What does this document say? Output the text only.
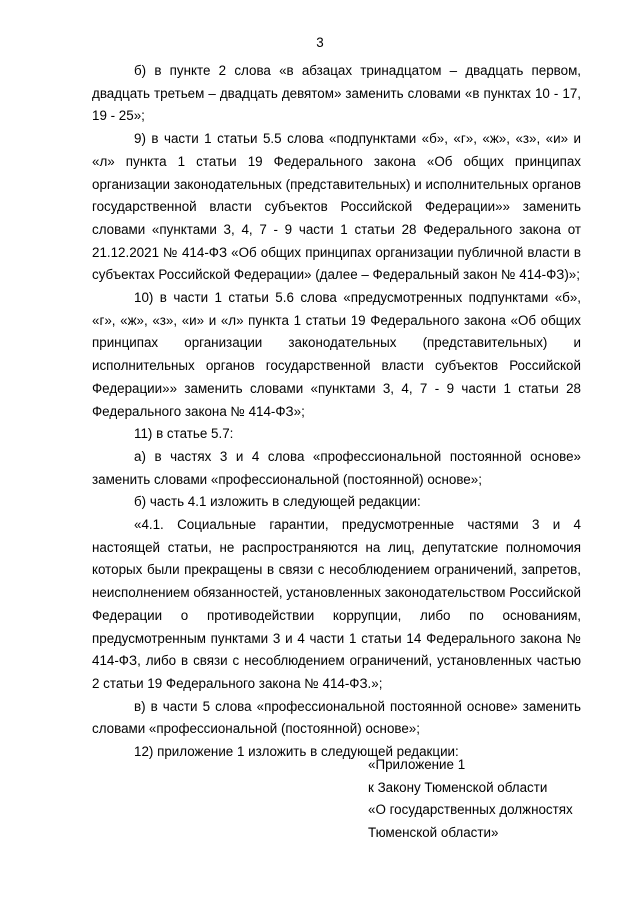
3

б) в пункте 2 слова «в абзацах тринадцатом – двадцать первом, двадцать третьем – двадцать девятом» заменить словами «в пунктах 10 - 17, 19 - 25»;

9) в части 1 статьи 5.5 слова «подпунктами «б», «г», «ж», «з», «и» и «л» пункта 1 статьи 19 Федерального закона «Об общих принципах организации законодательных (представительных) и исполнительных органов государственной власти субъектов Российской Федерации»» заменить словами «пунктами 3, 4, 7 - 9 части 1 статьи 28 Федерального закона от 21.12.2021 № 414-ФЗ «Об общих принципах организации публичной власти в субъектах Российской Федерации» (далее – Федеральный закон № 414-ФЗ)»;

10) в части 1 статьи 5.6 слова «предусмотренных подпунктами «б», «г», «ж», «з», «и» и «л» пункта 1 статьи 19 Федерального закона «Об общих принципах организации законодательных (представительных) и исполнительных органов государственной власти субъектов Российской Федерации»» заменить словами «пунктами 3, 4, 7 - 9 части 1 статьи 28 Федерального закона № 414-ФЗ»;

11) в статье 5.7:

а) в частях 3 и 4 слова «профессиональной постоянной основе» заменить словами «профессиональной (постоянной) основе»;

б) часть 4.1 изложить в следующей редакции:

«4.1. Социальные гарантии, предусмотренные частями 3 и 4 настоящей статьи, не распространяются на лиц, депутатские полномочия которых были прекращены в связи с несоблюдением ограничений, запретов, неисполнением обязанностей, установленных законодательством Российской Федерации о противодействии коррупции, либо по основаниям, предусмотренным пунктами 3 и 4 части 1 статьи 14 Федерального закона № 414-ФЗ, либо в связи с несоблюдением ограничений, установленных частью 2 статьи 19 Федерального закона № 414-ФЗ.»;

в) в части 5 слова «профессиональной постоянной основе» заменить словами «профессиональной (постоянной) основе»;

12) приложение 1 изложить в следующей редакции:

«Приложение 1

к Закону Тюменской области

«О государственных должностях

Тюменской области»
